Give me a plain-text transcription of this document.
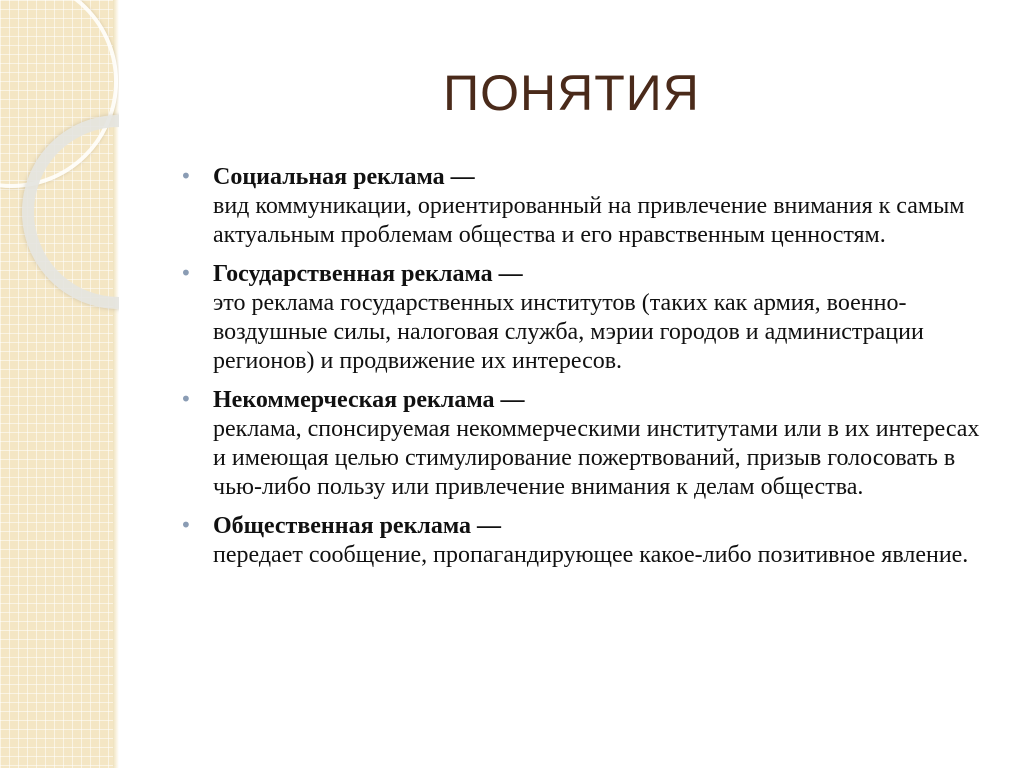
ПОНЯТИЯ
• Социальная реклама —
вид коммуникации, ориентированный на привлечение внимания к самым актуальным проблемам общества и его нравственным ценностям.
• Государственная реклама —
это реклама государственных институтов (таких как армия, военно-воздушные силы, налоговая служба, мэрии городов и администрации регионов) и продвижение их интересов.
• Некоммерческая реклама —
реклама, спонсируемая некоммерческими институтами или в их интересах и имеющая целью стимулирование пожертвований, призыв голосовать в чью-либо пользу или привлечение внимания к делам общества.
• Общественная реклама —
передает сообщение, пропагандирующее какое-либо позитивное явление.
